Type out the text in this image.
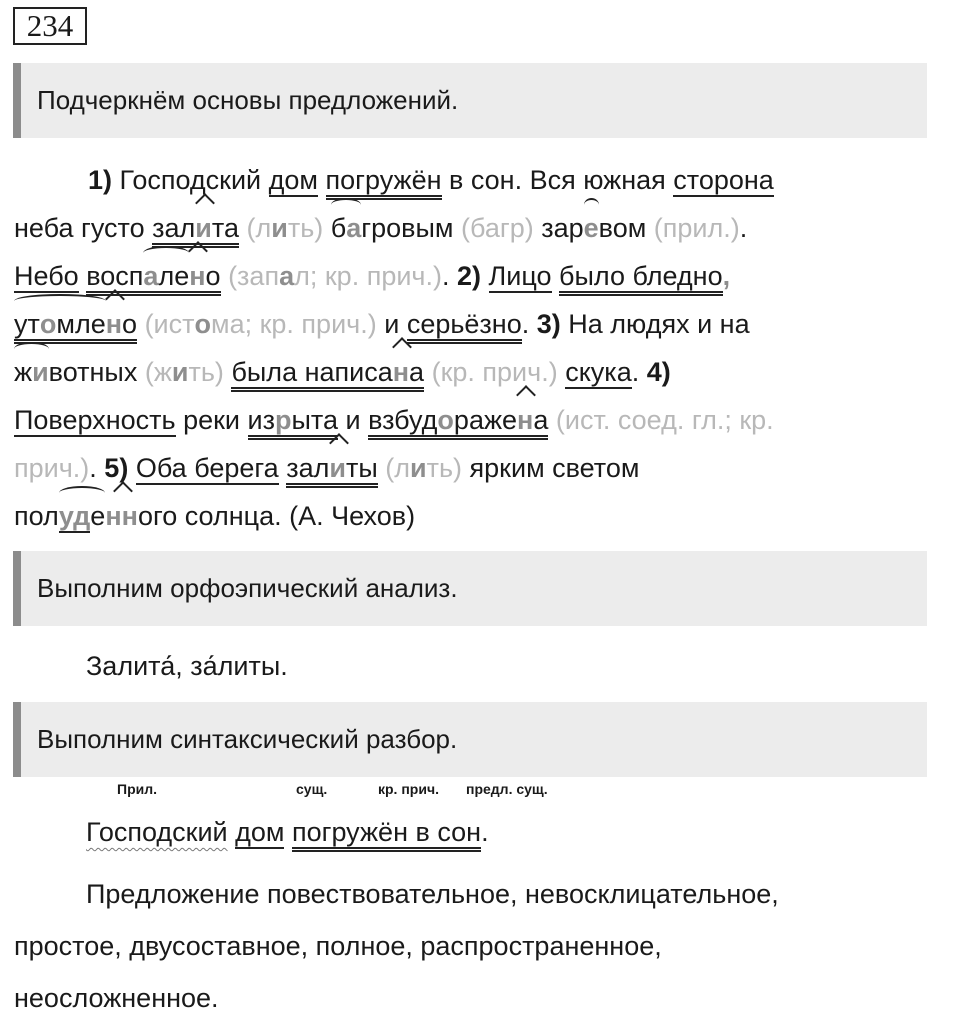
234
Подчеркнём основы предложений.
1) Господский дом погружён в сон. Вся южная сторона
неба густо залита (лить) багровым (багр) заревом (прил.).
Небо воспалено (запал; кр. прич.). 2) Лицо было бледно,
утомлено (истома; кр. прич.) и серьёзно. 3) На людях и на
животных (жить) была написана (кр. прич.) скука. 4)
Поверхность реки изрыта и взбудоражена (ист. соед. гл.; кр.
прич.). 5) Оба берега залиты (лить) ярким светом
полуденного солнца. (А. Чехов)
Выполним орфоэпический анализ.
Залита́, за́литы.
Выполним синтаксический разбор.
Прил.	сущ.	кр. прич. предл. сущ.
Господский дом погружён в сон.
Предложение повествовательное, невосклицательное,
простое, двусоставное, полное, распространенное,
неосложненное.
